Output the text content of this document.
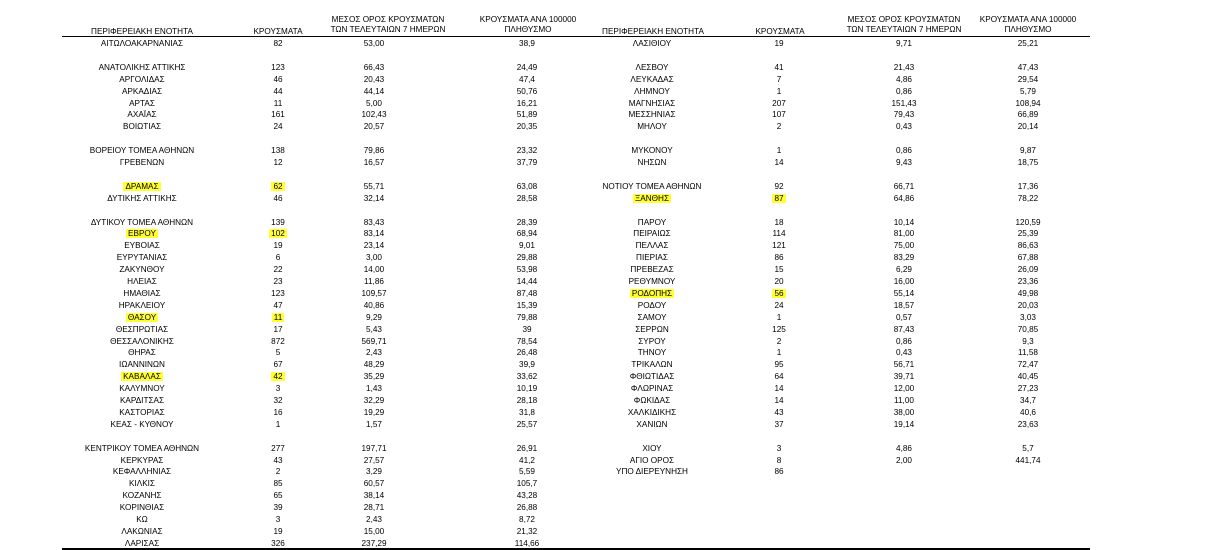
ΠΕΡΙΦΕΡΕΙΑΚΗ ΕΝΟΤΗΤΑ	ΚΡΟΥΣΜΑΤΑ
ΜΕΣΟΣ ΟΡΟΣ ΚΡΟΥΣΜΑΤΩΝ
ΤΩΝ ΤΕΛΕΥΤΑΙΩΝ 7 ΗΜΕΡΩΝ
ΚΡΟΥΣΜΑΤΑ ΑΝΑ 100000
ΠΛΗΘΥΣΜΟ	ΠΕΡΙΦΕΡΕΙΑΚΗ ΕΝΟΤΗΤΑ	ΚΡΟΥΣΜΑΤΑ
ΜΕΣΟΣ ΟΡΟΣ ΚΡΟΥΣΜΑΤΩΝ
ΤΩΝ ΤΕΛΕΥΤΑΙΩΝ 7 ΗΜΕΡΩΝ
ΚΡΟΥΣΜΑΤΑ ΑΝΑ 100000
ΠΛΗΘΥΣΜΟ
ΑΙΤΩΛΟΑΚΑΡΝΑΝΙΑΣ	82	53,00	38,9
ΑΝΑΤΟΛΙΚΗΣ ΑΤΤΙΚΗΣ	123	66,43	24,49
ΑΡΓΟΛΙΔΑΣ	46	20,43	47,4
ΑΡΚΑΔΙΑΣ	44	44,14	50,76
ΑΡΤΑΣ	11	5,00	16,21
ΑΧΑΪΑΣ	161	102,43	51,89
ΒΟΙΩΤΙΑΣ	24	20,57	20,35
ΒΟΡΕΙΟΥ ΤΟΜΕΑ ΑΘΗΝΩΝ	138	79,86	23,32
ΓΡΕΒΕΝΩΝ	12	16,57	37,79
ΔΡΑΜΑΣ	62	55,71	63,08
ΔΥΤΙΚΗΣ ΑΤΤΙΚΗΣ	46	32,14	28,58
ΔΥΤΙΚΟΥ ΤΟΜΕΑ ΑΘΗΝΩΝ	139	83,43	28,39
ΕΒΡΟΥ	102	83,14	68,94
ΕΥΒΟΙΑΣ	19	23,14	9,01
ΕΥΡΥΤΑΝΙΑΣ	6	3,00	29,88
ΖΑΚΥΝΘΟΥ	22	14,00	53,98
ΗΛΕΙΑΣ	23	11,86	14,44
ΗΜΑΘΙΑΣ	123	109,57	87,48
ΗΡΑΚΛΕΙΟΥ	47	40,86	15,39
ΘΑΣΟΥ	11	9,29	79,88
ΘΕΣΠΡΩΤΙΑΣ	17	5,43	39
ΘΕΣΣΑΛΟΝΙΚΗΣ	872	569,71	78,54
ΘΗΡΑΣ	5	2,43	26,48
ΙΩΑΝΝΙΝΩΝ	67	48,29	39,9
ΚΑΒΑΛΑΣ	42	35,29	33,62
ΚΑΛΥΜΝΟΥ	3	1,43	10,19
ΚΑΡΔΙΤΣΑΣ	32	32,29	28,18
ΚΑΣΤΟΡΙΑΣ	16	19,29	31,8
ΚΕΑΣ - ΚΥΘΝΟΥ	1	1,57	25,57
ΚΕΝΤΡΙΚΟΥ ΤΟΜΕΑ ΑΘΗΝΩΝ	277	197,71	26,91
ΚΕΡΚΥΡΑΣ	43	27,57	41,2
ΚΕΦΑΛΛΗΝΙΑΣ	2	3,29	5,59
ΚΙΛΚΙΣ	85	60,57	105,7
ΚΟΖΑΝΗΣ	65	38,14	43,28
ΚΟΡΙΝΘΙΑΣ	39	28,71	26,88
ΚΩ	3	2,43	8,72
ΛΑΚΩΝΙΑΣ	19	15,00	21,32
ΛΑΡΙΣΑΣ	326	237,29	114,66
ΛΑΣΙΘΙΟΥ	19	9,71	25,21
ΛΕΣΒΟΥ	41	21,43	47,43
ΛΕΥΚΑΔΑΣ	7	4,86	29,54
ΛΗΜΝΟΥ	1	0,86	5,79
ΜΑΓΝΗΣΙΑΣ	207	151,43	108,94
ΜΕΣΣΗΝΙΑΣ	107	79,43	66,89
ΜΗΛΟΥ	2	0,43	20,14
ΜΥΚΟΝΟΥ	1	0,86	9,87
ΝΗΣΩΝ	14	9,43	18,75
ΝΟΤΙΟΥ ΤΟΜΕΑ ΑΘΗΝΩΝ	92	66,71	17,36
ΞΑΝΘΗΣ	87	64,86	78,22
ΠΑΡΟΥ	18	10,14	120,59
ΠΕΙΡΑΙΩΣ	114	81,00	25,39
ΠΕΛΛΑΣ	121	75,00	86,63
ΠΙΕΡΙΑΣ	86	83,29	67,88
ΠΡΕΒΕΖΑΣ	15	6,29	26,09
ΡΕΘΥΜΝΟΥ	20	16,00	23,36
ΡΟΔΟΠΗΣ	56	55,14	49,98
ΡΟΔΟΥ	24	18,57	20,03
ΣΑΜΟΥ	1	0,57	3,03
ΣΕΡΡΩΝ	125	87,43	70,85
ΣΥΡΟΥ	2	0,86	9,3
ΤΗΝΟΥ	1	0,43	11,58
ΤΡΙΚΑΛΩΝ	95	56,71	72,47
ΦΘΙΩΤΙΔΑΣ	64	39,71	40,45
ΦΛΩΡΙΝΑΣ	14	12,00	27,23
ΦΩΚΙΔΑΣ	14	11,00	34,7
ΧΑΛΚΙΔΙΚΗΣ	43	38,00	40,6
ΧΑΝΙΩΝ	37	19,14	23,63
ΧΙΟΥ	3	4,86	5,7
ΑΓΙΟ ΟΡΟΣ	8	2,00	441,74
ΥΠΟ ΔΙΕΡΕΥΝΗΣΗ	86
